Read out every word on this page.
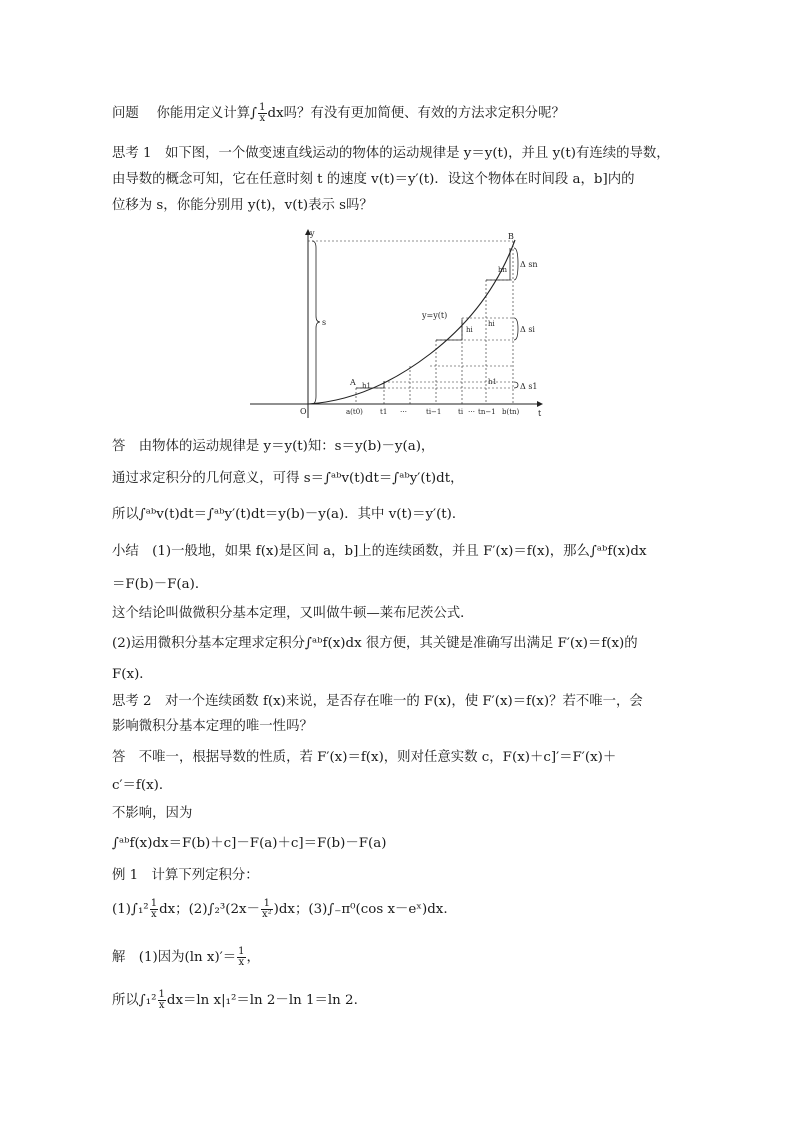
问题　 你能用定义计算∫ $\frac{1}{x}$ dx吗？有没有更加简便、有效的方法求定积分呢？
思考 1　如下图，一个做变速直线运动的物体的运动规律是 y＝y(t)，并且 y(t)有连续的导数，
由导数的概念可知，它在任意时刻 t 的速度 v(t)＝y′(t)．设这个物体在时间段 a，b]内的
位移为 s，你能分别用 y(t)，v(t)表示 s吗？
y
t
O
s
Δ s1
Δ si
Δ sn
h1
hi
hn
h1
hi
B
A
y=y(t)
a(t0) t1 …	ti−1 ti … tn−1 b(tn)
答　由物体的运动规律是 y＝y(t)知：s＝y(b)－y(a)，
通过求定积分的几何意义，可得 s＝∫ᵃᵇv(t)dt＝∫ᵃᵇy′(t)dt，
所以∫ᵃᵇv(t)dt＝∫ᵃᵇy′(t)dt＝y(b)－y(a)．其中 v(t)＝y′(t)．
小结　(1)一般地，如果 f(x)是区间 a，b]上的连续函数，并且 F′(x)＝f(x)，那么∫ᵃᵇf(x)dx
＝F(b)－F(a)．
这个结论叫做微积分基本定理，又叫做牛顿—莱布尼茨公式．
(2)运用微积分基本定理求定积分∫ᵃᵇf(x)dx 很方便，其关键是准确写出满足 F′(x)＝f(x)的
F(x)．
思考 2　对一个连续函数 f(x)来说，是否存在唯一的 F(x)，使 F′(x)＝f(x)？若不唯一，会
影响微积分基本定理的唯一性吗？
答　不唯一，根据导数的性质，若 F′(x)＝f(x)，则对任意实数 c，F(x)＋c]′＝F′(x)＋
c′＝f(x)．
不影响，因为
∫ᵃᵇf(x)dx＝F(b)＋c]－F(a)＋c]＝F(b)－F(a)
例 1　计算下列定积分：
$(1)\int_1^2 \frac{1}{x}$ dx；$(2)\int_2^3(2x- \frac{1}{\text{x²}} )dx$；(3)∫₋π⁰(cos x－eˣ)dx.
解　(1)因为(ln $x)'= \frac{1}{x}$ ，
所以$\int_1^2 \frac{1}{x} dx=\ln$ x|₁²＝ln 2－ln 1＝ln 2.
